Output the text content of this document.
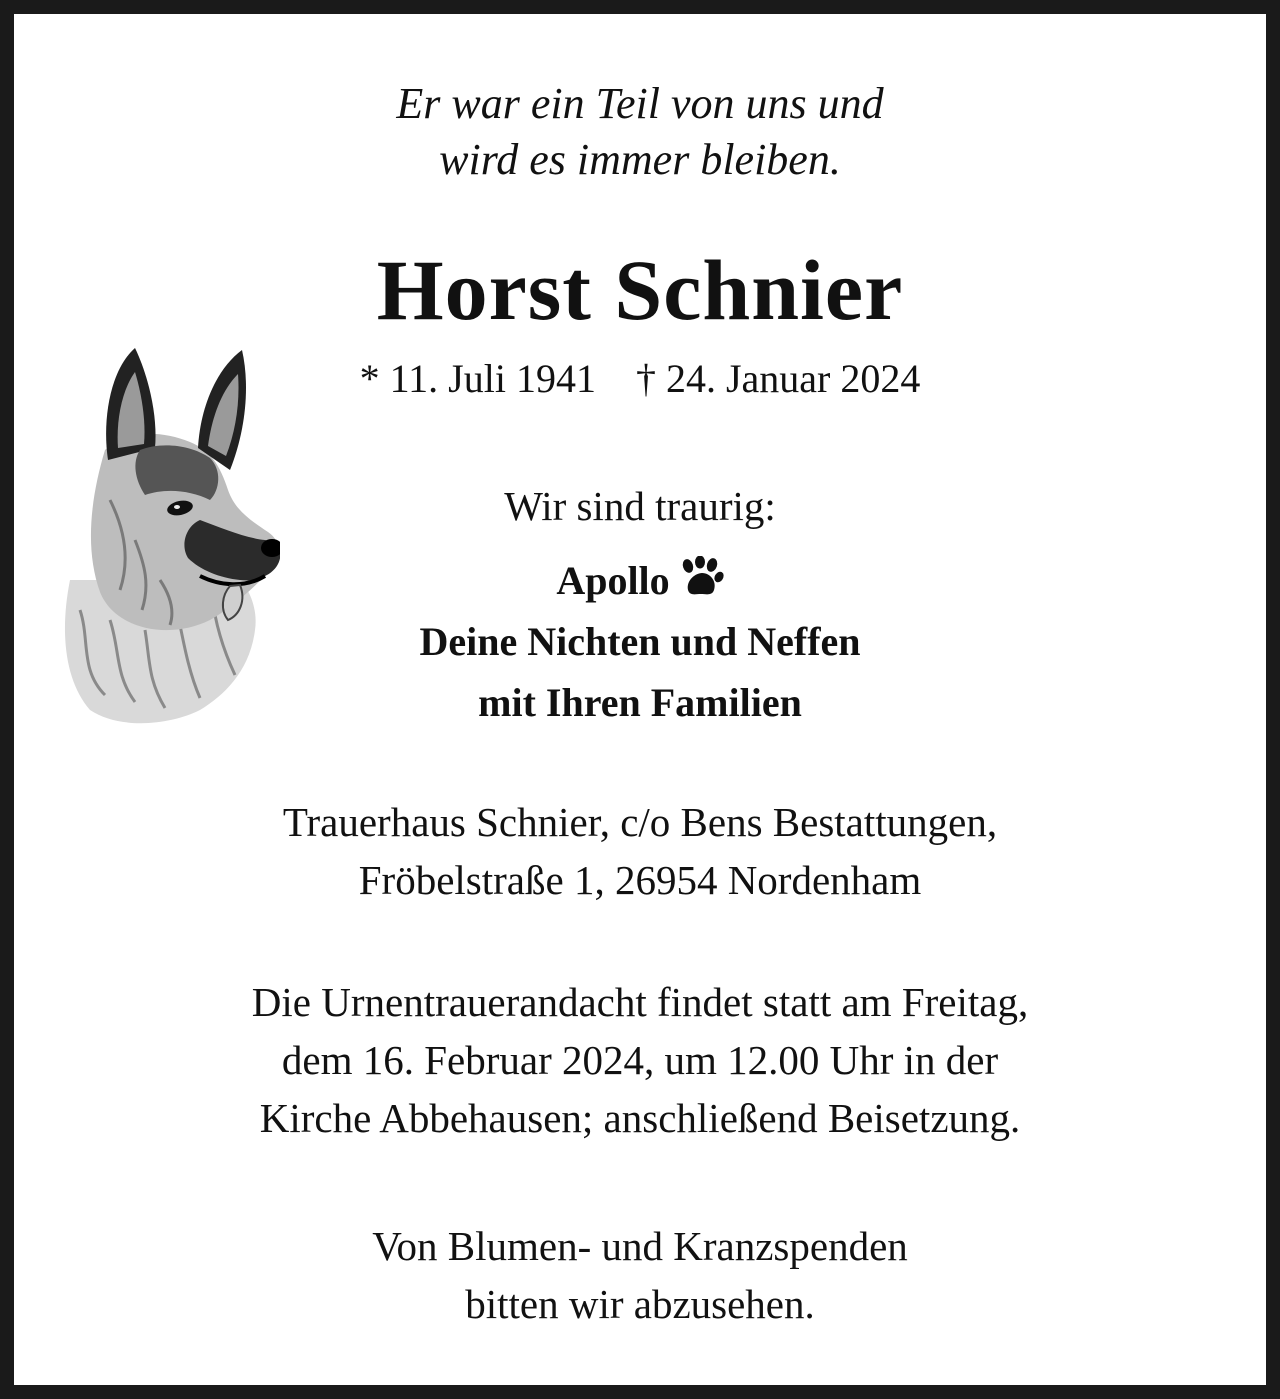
Er war ein Teil von uns und
wird es immer bleiben.
Horst Schnier
* 11. Juli 1941 † 24. Januar 2024
Wir sind traurig:
Apollo
Deine Nichten und Neffen
mit Ihren Familien
Trauerhaus Schnier, c/o Bens Bestattungen,
Fröbelstraße 1, 26954 Nordenham
Die Urnentrauerandacht findet statt am Freitag,
dem 16. Februar 2024, um 12.00 Uhr in der
Kirche Abbehausen; anschließend Beisetzung.
Von Blumen- und Kranzspenden
bitten wir abzusehen.
